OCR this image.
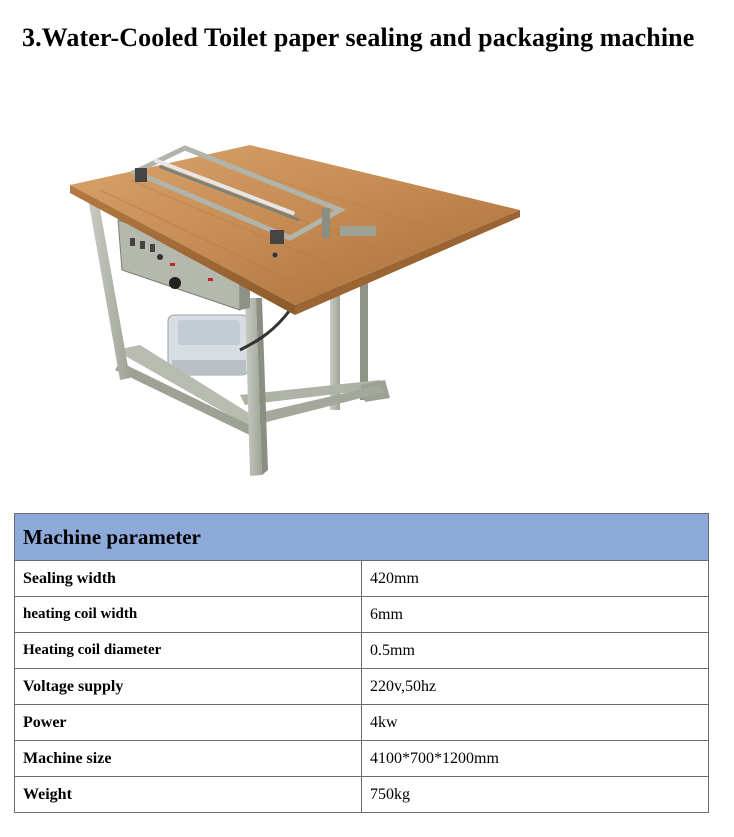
3.Water-Cooled Toilet paper sealing and packaging machine
Machine parameter	
Sealing width	420mm
heating coil width	6mm
Heating coil diameter	0.5mm
Voltage supply	220v,50hz
Power	4kw
Machine size	4100*700*1200mm
Weight	750kg
